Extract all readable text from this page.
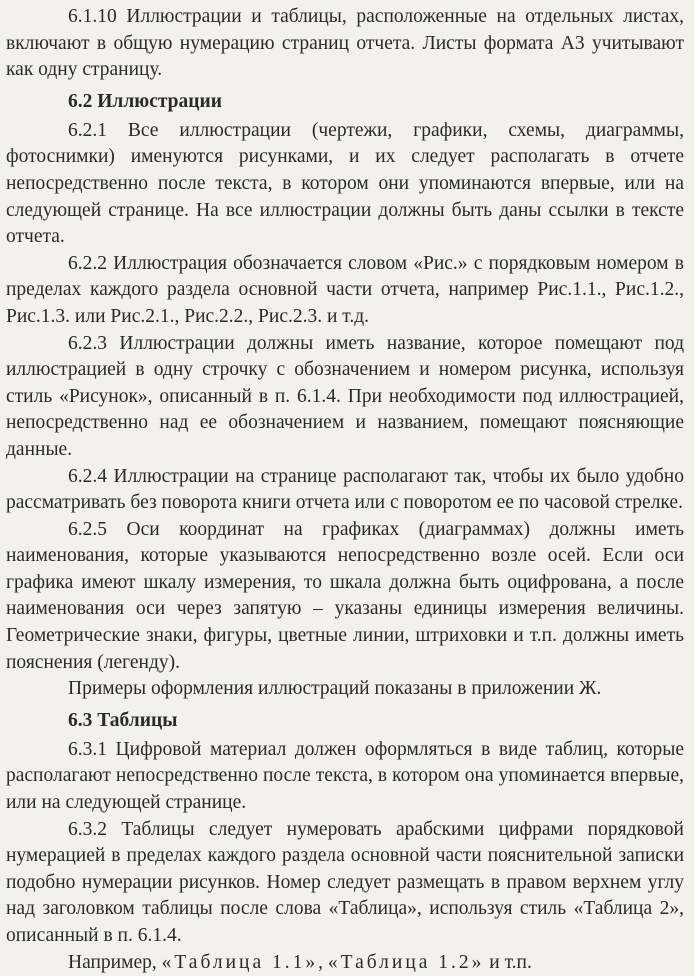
6.1.10 Иллюстрации и таблицы, расположенные на отдельных листах, включают в общую нумерацию страниц отчета. Листы формата А3 учитывают как одну страницу.

6.2 Иллюстрации

6.2.1 Все иллюстрации (чертежи, графики, схемы, диаграммы, фотоснимки) именуются рисунками, и их следует располагать в отчете непосредственно после текста, в котором они упоминаются впервые, или на следующей странице. На все иллюстрации должны быть даны ссылки в тексте отчета.

6.2.2 Иллюстрация обозначается словом «Рис.» с порядковым номером в пределах каждого раздела основной части отчета, например Рис.1.1., Рис.1.2., Рис.1.3. или Рис.2.1., Рис.2.2., Рис.2.3. и т.д.

6.2.3 Иллюстрации должны иметь название, которое помещают под иллюстрацией в одну строчку с обозначением и номером рисунка, используя стиль «Рисунок», описанный в п. 6.1.4. При необходимости под иллюстрацией, непосредственно над ее обозначением и названием, помещают поясняющие данные.

6.2.4 Иллюстрации на странице располагают так, чтобы их было удобно рассматривать без поворота книги отчета или с поворотом ее по часовой стрелке.

6.2.5 Оси координат на графиках (диаграммах) должны иметь наименования, которые указываются непосредственно возле осей. Если оси графика имеют шкалу измерения, то шкала должна быть оцифрована, а после наименования оси через запятую – указаны единицы измерения величины. Геометрические знаки, фигуры, цветные линии, штриховки и т.п. должны иметь пояснения (легенду).

Примеры оформления иллюстраций показаны в приложении Ж.

6.3 Таблицы

6.3.1 Цифровой материал должен оформляться в виде таблиц, которые располагают непосредственно после текста, в котором она упоминается впервые, или на следующей странице.

6.3.2 Таблицы следует нумеровать арабскими цифрами порядковой нумерацией в пределах каждого раздела основной части пояснительной записки подобно нумерации рисунков. Номер следует размещать в правом верхнем углу над заголовком таблицы после слова «Таблица», используя стиль «Таблица 2», описанный в п. 6.1.4.

Например, «Таблица 1.1», «Таблица 1.2» и т.п.
